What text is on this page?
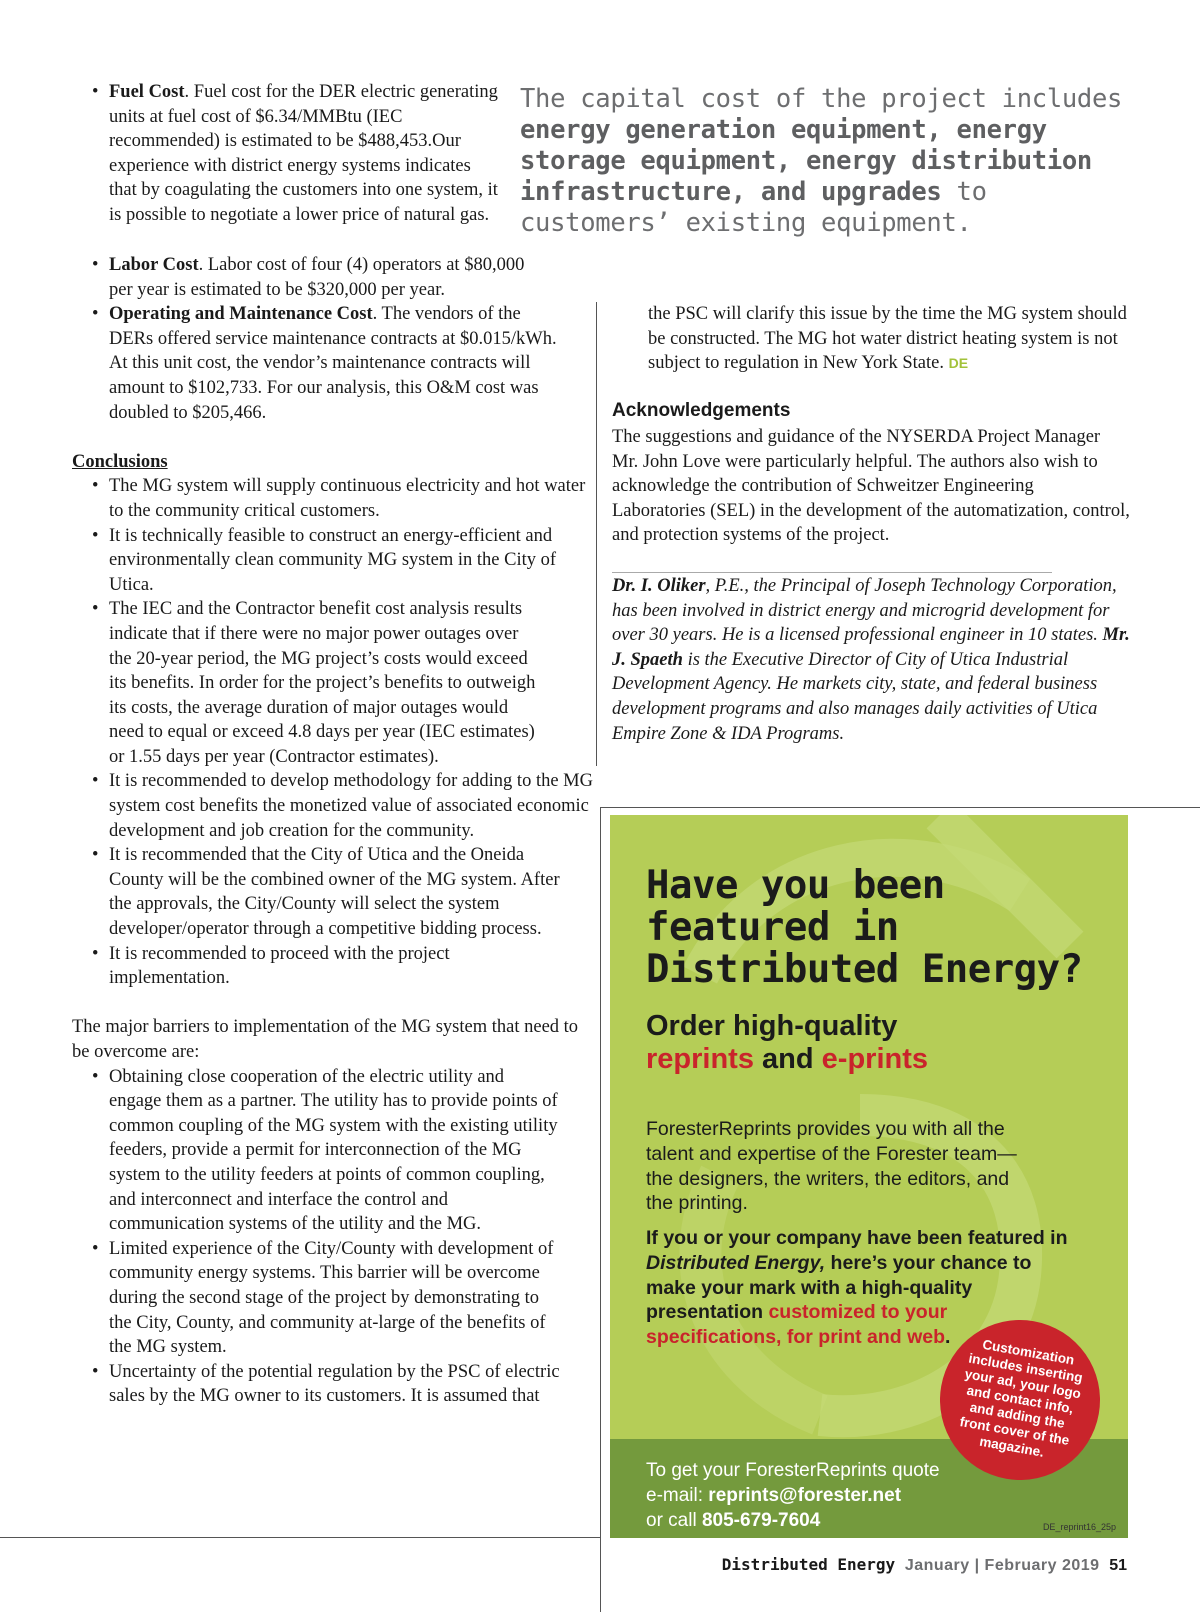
• Fuel Cost. Fuel cost for the DER electric generating units at fuel cost of $6.34/MMBtu (IEC recommended) is estimated to be $488,453.Our experience with district energy systems indicates that by coagulating the customers into one system, it is possible to negotiate a lower price of natural gas.
The capital cost of the project includes energy generation equipment, energy storage equipment, energy distribution infrastructure, and upgrades to customers’ existing equipment.
• Labor Cost. Labor cost of four (4) operators at $80,000 per year is estimated to be $320,000 per year.
• Operating and Maintenance Cost. The vendors of the DERs offered service maintenance contracts at $0.015/kWh. At this unit cost, the vendor’s maintenance contracts will amount to $102,733. For our analysis, this O&M cost was doubled to $205,466.
Conclusions
• The MG system will supply continuous electricity and hot water to the community critical customers.
• It is technically feasible to construct an energy-efficient and environmentally clean community MG system in the City of Utica.
• The IEC and the Contractor benefit cost analysis results indicate that if there were no major power outages over the 20-year period, the MG project’s costs would exceed its benefits. In order for the project’s benefits to outweigh its costs, the average duration of major outages would need to equal or exceed 4.8 days per year (IEC estimates) or 1.55 days per year (Contractor estimates).
• It is recommended to develop methodology for adding to the MG system cost benefits the monetized value of associated economic development and job creation for the community.
• It is recommended that the City of Utica and the Oneida County will be the combined owner of the MG system. After the approvals, the City/County will select the system developer/operator through a competitive bidding process.
• It is recommended to proceed with the project implementation.
The major barriers to implementation of the MG system that need to be overcome are:
• Obtaining close cooperation of the electric utility and engage them as a partner. The utility has to provide points of common coupling of the MG system with the existing utility feeders, provide a permit for interconnection of the MG system to the utility feeders at points of common coupling, and interconnect and interface the control and communication systems of the utility and the MG.
• Limited experience of the City/County with development of community energy systems. This barrier will be overcome during the second stage of the project by demonstrating to the City, County, and community at-large of the benefits of the MG system.
• Uncertainty of the potential regulation by the PSC of electric sales by the MG owner to its customers. It is assumed that
the PSC will clarify this issue by the time the MG system should be constructed. The MG hot water district heating system is not subject to regulation in New York State. DE
Acknowledgements
The suggestions and guidance of the NYSERDA Project Manager Mr. John Love were particularly helpful. The authors also wish to acknowledge the contribution of Schweitzer Engineering Laboratories (SEL) in the development of the automatization, control, and protection systems of the project.
Dr. I. Oliker, P.E., the Principal of Joseph Technology Corporation, has been involved in district energy and microgrid development for over 30 years. He is a licensed professional engineer in 10 states. Mr. J. Spaeth is the Executive Director of City of Utica Industrial Development Agency. He markets city, state, and federal business development programs and also manages daily activities of Utica Empire Zone & IDA Programs.
Have you been featured in Distributed Energy?
Order high-quality
reprints and e-prints
ForesterReprints provides you with all the talent and expertise of the Forester team—the designers, the writers, the editors, and the printing.
If you or your company have been featured in Distributed Energy, here’s your chance to make your mark with a high-quality presentation customized to your specifications, for print and web.
To get your ForesterReprints quote
e-mail: reprints@forester.net
or call 805-679-7604	DE_reprint16_25p
Customization includes inserting your ad, your logo and contact info, and adding the front cover of the magazine.
Distributed Energy January | February 2019 51
